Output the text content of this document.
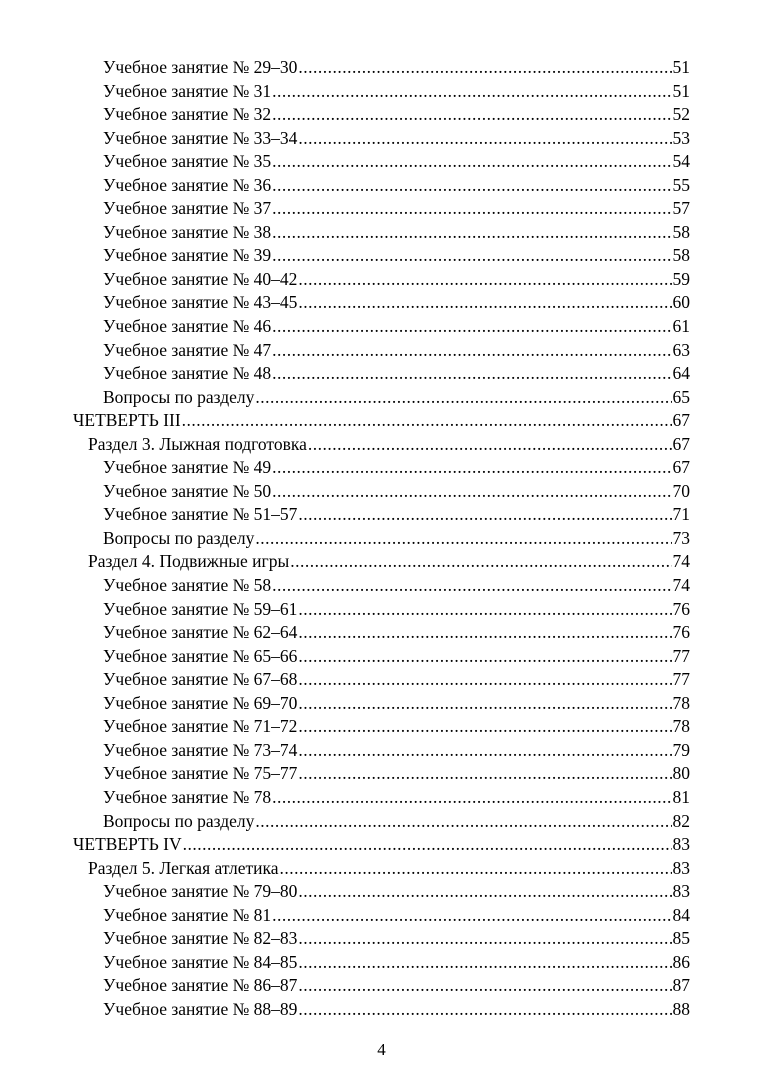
Учебное занятие № 29–30 .....	51
Учебное занятие № 31 .....	51
Учебное занятие № 32 .....	52
Учебное занятие № 33–34 .....	53
Учебное занятие № 35 .....	54
Учебное занятие № 36 .....	55
Учебное занятие № 37 .....	57
Учебное занятие № 38 .....	58
Учебное занятие № 39 .....	58
Учебное занятие № 40–42 .....	59
Учебное занятие № 43–45 .....	60
Учебное занятие № 46 .....	61
Учебное занятие № 47 .....	63
Учебное занятие № 48 .....	64
Вопросы по разделу .....	65
ЧЕТВЕРТЬ III .....	67
Раздел 3. Лыжная подготовка .....	67
Учебное занятие № 49 .....	67
Учебное занятие № 50 .....	70
Учебное занятие № 51–57 .....	71
Вопросы по разделу .....	73
Раздел 4. Подвижные игры .....	74
Учебное занятие № 58 .....	74
Учебное занятие № 59–61 .....	76
Учебное занятие № 62–64 .....	76
Учебное занятие № 65–66 .....	77
Учебное занятие № 67–68 .....	77
Учебное занятие № 69–70 .....	78
Учебное занятие № 71–72 .....	78
Учебное занятие № 73–74 .....	79
Учебное занятие № 75–77 .....	80
Учебное занятие № 78 .....	81
Вопросы по разделу .....	82
ЧЕТВЕРТЬ IV .....	83
Раздел 5. Легкая атлетика .....	83
Учебное занятие № 79–80 .....	83
Учебное занятие № 81 .....	84
Учебное занятие № 82–83 .....	85
Учебное занятие № 84–85 .....	86
Учебное занятие № 86–87 .....	87
Учебное занятие № 88–89 .....	88
4
